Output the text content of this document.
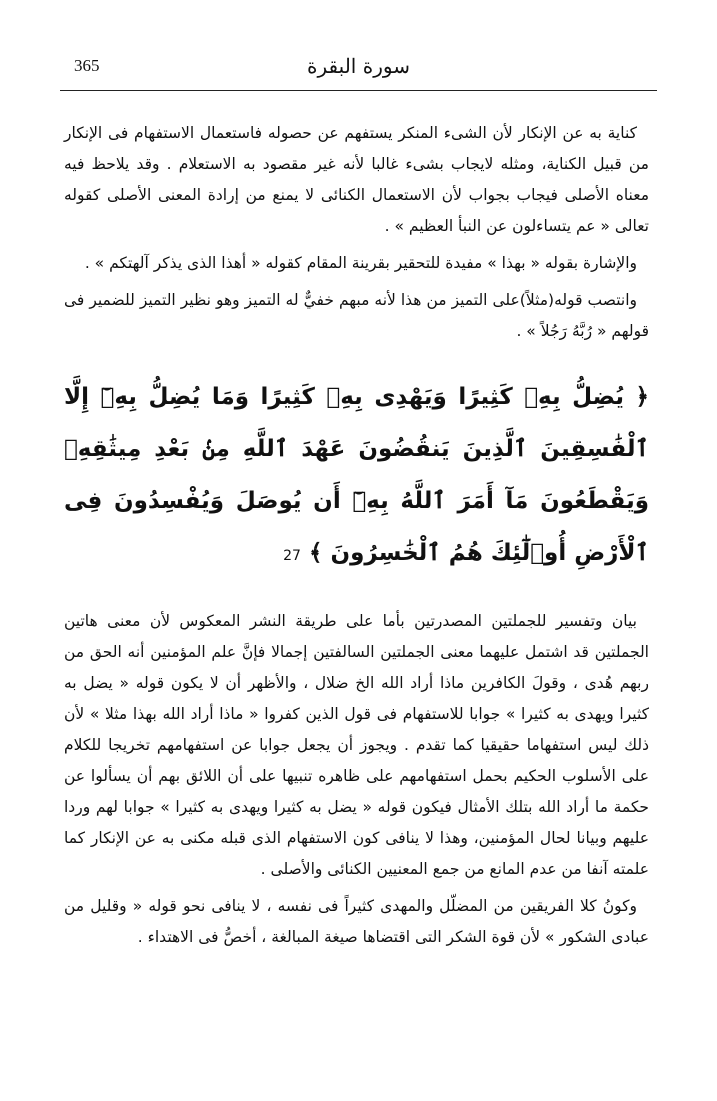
365	سورة البقرة

كناية به عن الإنكار لأن الشىء المنكر يستفهم عن حصوله فاستعمال الاستفهام فى الإنكار من قبيل الكناية، ومثله لايجاب بشىء غالبا لأنه غير مقصود به الاستعلام . وقد يلاحظ فيه معناه الأصلى فيجاب بجواب لأن الاستعمال الكنائى لا يمنع من إرادة المعنى الأصلى كقوله تعالى « عم يتساءلون عن النبأ العظيم » .

والإشارة بقوله « بهذا » مفيدة للتحقير بقرينة المقام كقوله « أهذا الذى يذكر آلهتكم » .

وانتصب قوله(مثلاً)على التميز من هذا لأنه مبهم خفيٌّ له التميز وهو نظير التميز للضمير فى قولهم « رُبَّهُ رَجُلاً » .

﴿ يُضِلُّ بِهِۦ كَثِيرًا وَيَهْدِى بِهِۦ كَثِيرًا وَمَا يُضِلُّ بِهِۦٓ إِلَّا ٱلْفَٰسِقِينَ ٱلَّذِينَ يَنقُضُونَ عَهْدَ ٱللَّهِ مِنۢ بَعْدِ مِيثَٰقِهِۦ وَيَقْطَعُونَ مَآ أَمَرَ ٱللَّهُ بِهِۦٓ أَن يُوصَلَ وَيُفْسِدُونَ فِى ٱلْأَرْضِ أُو۟لَٰٓئِكَ هُمُ ٱلْخَٰسِرُونَ ﴾ 27

بيان وتفسير للجملتين المصدرتين بأما على طريقة النشر المعكوس لأن معنى هاتين الجملتين قد اشتمل عليهما معنى الجملتين السالفتين إجمالا فإنَّ علم المؤمنين أنه الحق من ربهم هُدى ، وقولَ الكافرين ماذا أراد الله الخ ضلال ، والأظهر أن لا يكون قوله « يضل به كثيرا ويهدى به كثيرا » جوابا للاستفهام فى قول الذين كفروا « ماذا أراد الله بهذا مثلا » لأن ذلك ليس استفهاما حقيقيا كما تقدم . ويجوز أن يجعل جوابا عن استفهامهم تخريجا للكلام على الأسلوب الحكيم بحمل استفهامهم على ظاهره تنبيها على أن اللائق بهم أن يسألوا عن حكمة ما أراد الله بتلك الأمثال فيكون قوله « يضل به كثيرا ويهدى به كثيرا » جوابا لهم وردا عليهم وبيانا لحال المؤمنين، وهذا لا ينافى كون الاستفهام الذى قبله مكنى به عن الإنكار كما علمته آنفا من عدم المانع من جمع المعنيين الكنائى والأصلى .

وكونُ كلا الفريقين من المضلّل والمهدى كثيراً فى نفسه ، لا ينافى نحو قوله « وقليل من عبادى الشكور » لأن قوة الشكر التى اقتضاها صيغة المبالغة ، أخصُّ فى الاهتداء .
